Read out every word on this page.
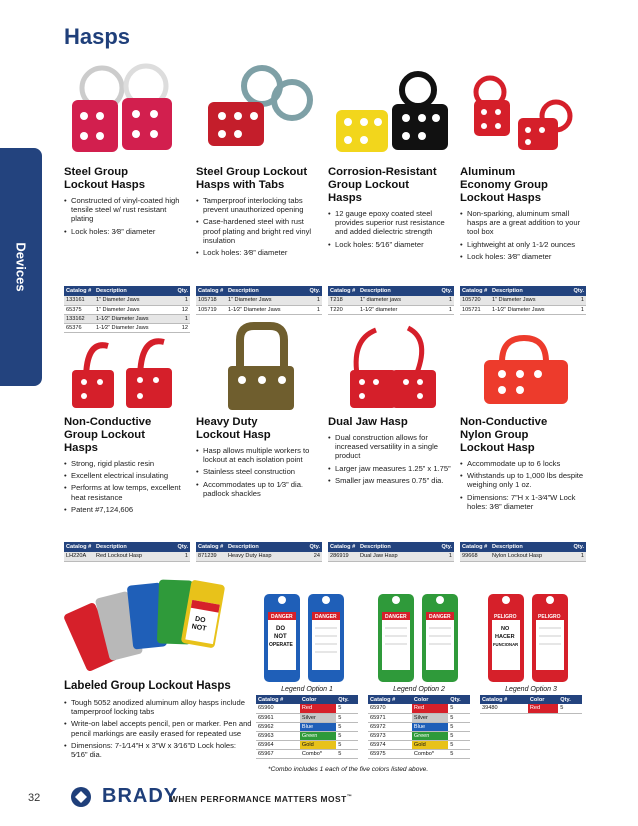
Hasps
Devices
Steel Group
Lockout Hasps
• Constructed of vinyl-coated high tensile steel w/ rust resistant plating
• Lock holes: 3⁄8” diameter
Steel Group Lockout
Hasps with Tabs
• Tamperproof interlocking tabs prevent unauthorized opening
• Case-hardened steel with rust proof plating and bright red vinyl insulation
• Lock holes: 3⁄8” diameter
Corrosion-Resistant
Group Lockout
Hasps
• 12 gauge epoxy coated steel provides superior rust resistance and added dielectric strength
• Lock holes: 5⁄16” diameter
Aluminum
Economy Group
Lockout Hasps
• Non-sparking, aluminum small hasps are a great addition to your tool box
• Lightweight at only 1-1⁄2 ounces
• Lock holes: 3⁄8” diameter
Catalog #	Description	Qty.
133161	1” Diameter Jaws	1
65375	1” Diameter Jaws	12
133162	1-1⁄2” Diameter Jaws	1
65376	1-1⁄2” Diameter Jaws	12
Catalog #	Description	Qty.
105718	1” Diameter Jaws	1
105719	1-1⁄2” Diameter Jaws	1
Catalog #	Description	Qty.
T218	1” diameter jaws	1
T220	1-1⁄2” diameter	1
Catalog #	Description	Qty.
105720	1” Diameter Jaws	1
105721	1-1⁄2” Diameter Jaws	1
Non-Conductive
Group Lockout
Hasps
• Strong, rigid plastic resin
• Excellent electrical insulating
• Performs at low temps, excellent heat resistance
• Patent #7,124,606
Heavy Duty
Lockout Hasp
• Hasp allows multiple workers to lockout at each isolation point
• Stainless steel construction
• Accommodates up to 1⁄3” dia. padlock shackles
Dual Jaw Hasp
• Dual construction allows for increased versatility in a single product
• Larger jaw measures 1.25” x 1.75”
• Smaller jaw measures 0.75” dia.
Non-Conductive
Nylon Group
Lockout Hasp
• Accommodate up to 6 locks
• Withstands up to 1,000 lbs despite weighing only 1 oz.
• Dimensions: 7”H x 1-3⁄4”W Lock holes: 3⁄8” diameter
Catalog #	Description	Qty.
LH220A	Red Lockout Hasp	1
Catalog #	Description	Qty.
871239	Heavy Duty Hasp	24
Catalog #	Description	Qty.
286919	Dual Jaw Hasp	1
Catalog #	Description	Qty.
99668	Nylon Lockout Hasp	1
DO
NOT
DANGER
DO
NOT
OPERATE
DANGER	DANGER	DANGER	PELIGRO
NO
HACER
FUNCIONAR
PELIGRO
Labeled Group Lockout Hasps
• Tough 5052 anodized aluminum alloy hasps include tamperproof locking tabs
• Write-on label accepts pencil, pen or marker. Pen and pencil markings are easily erased for repeated use
• Dimensions: 7-1⁄14”H x 3”W x 3⁄16”D Lock holes: 5⁄16” dia.
Legend Option 1
Catalog #	Color	Qty.
65960	Red	5
65961	Silver	5
65962	Blue	5
65963	Green	5
65964	Gold	5
65967	Combo*	5
Legend Option 2
Catalog #	Color	Qty.
65970	Red	5
65971	Silver	5
65972	Blue	5
65973	Green	5
65974	Gold	5
65975	Combo*	5
Legend Option 3
Catalog #	Color	Qty.
39480	Red	5
*Combo includes 1 each of the five colors listed above.
32	BRADY
WHEN PERFORMANCE MATTERS MOST™
